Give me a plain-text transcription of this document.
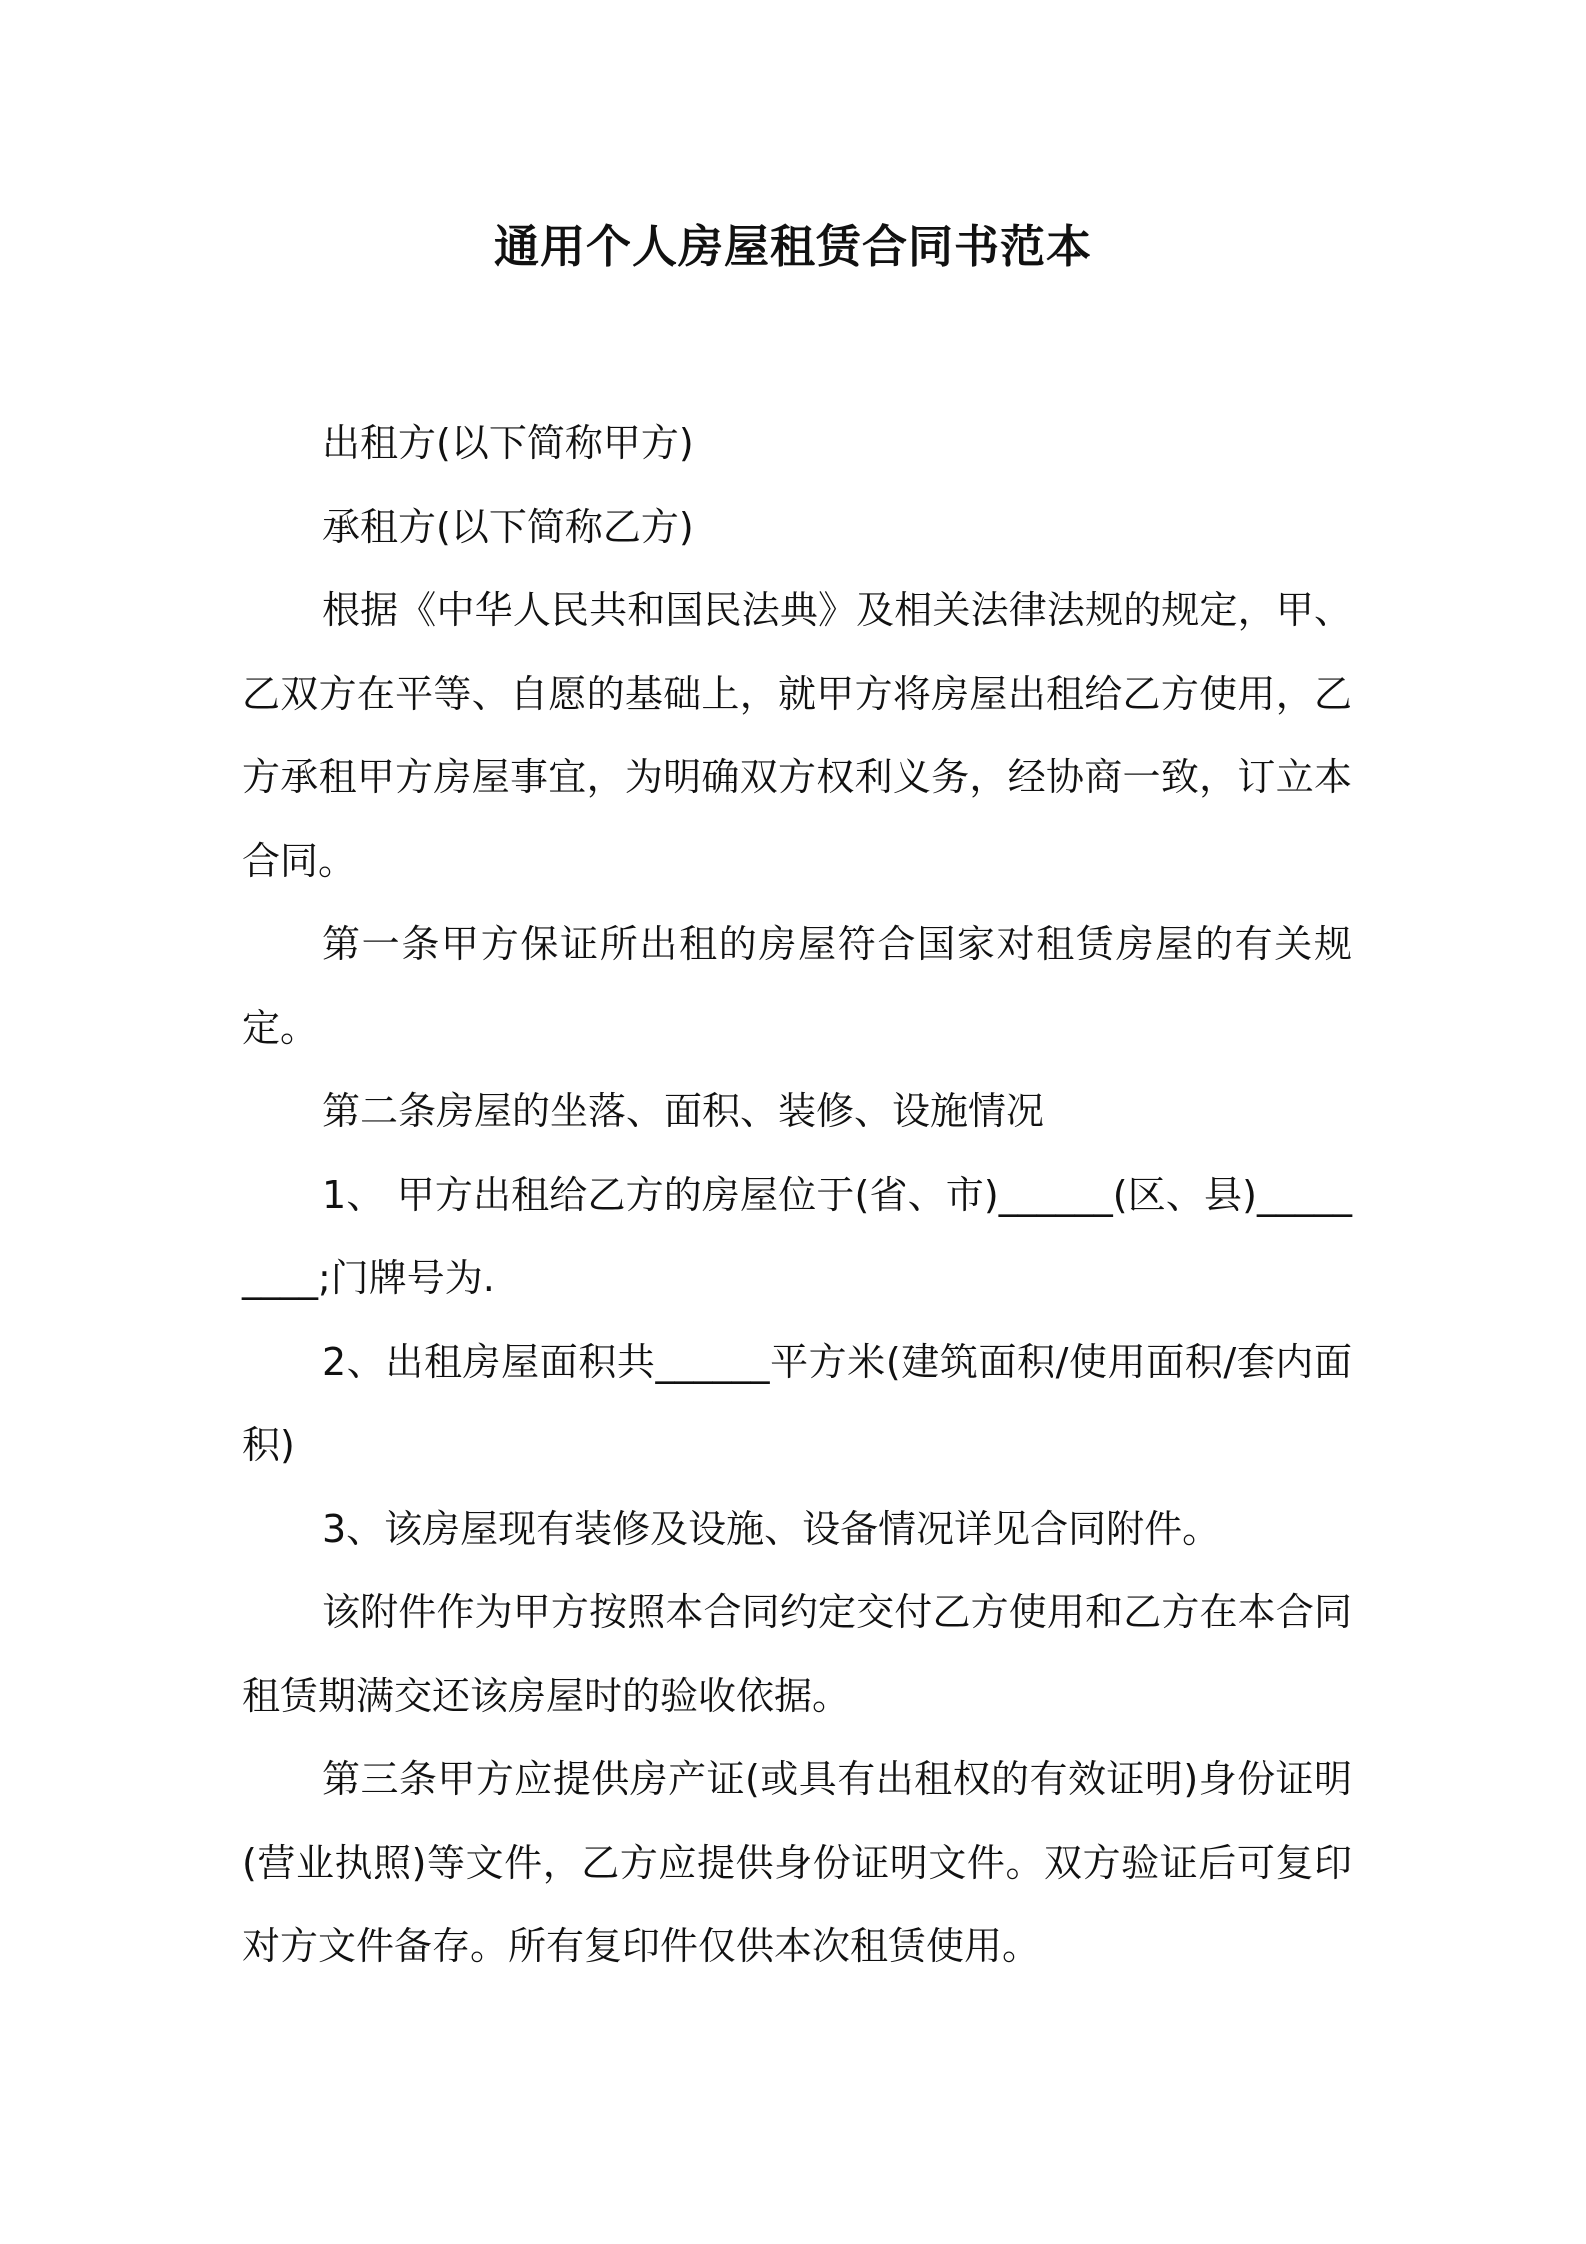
通用个人房屋租赁合同书范本

出租方(以下简称甲方)

承租方(以下简称乙方)

根据《中华人民共和国民法典》及相关法律法规的规定，甲、乙双方在平等、自愿的基础上，就甲方将房屋出租给乙方使用，乙方承租甲方房屋事宜，为明确双方权利义务，经协商一致，订立本合同。

第一条甲方保证所出租的房屋符合国家对租赁房屋的有关规定。

第二条房屋的坐落、面积、装修、设施情况

1、 甲方出租给乙方的房屋位于(省、市)______(区、县)_________;门牌号为.

2、出租房屋面积共______平方米(建筑面积/使用面积/套内面积)

3、该房屋现有装修及设施、设备情况详见合同附件。

该附件作为甲方按照本合同约定交付乙方使用和乙方在本合同租赁期满交还该房屋时的验收依据。

第三条甲方应提供房产证(或具有出租权的有效证明)身份证明(营业执照)等文件，乙方应提供身份证明文件。双方验证后可复印对方文件备存。所有复印件仅供本次租赁使用。
